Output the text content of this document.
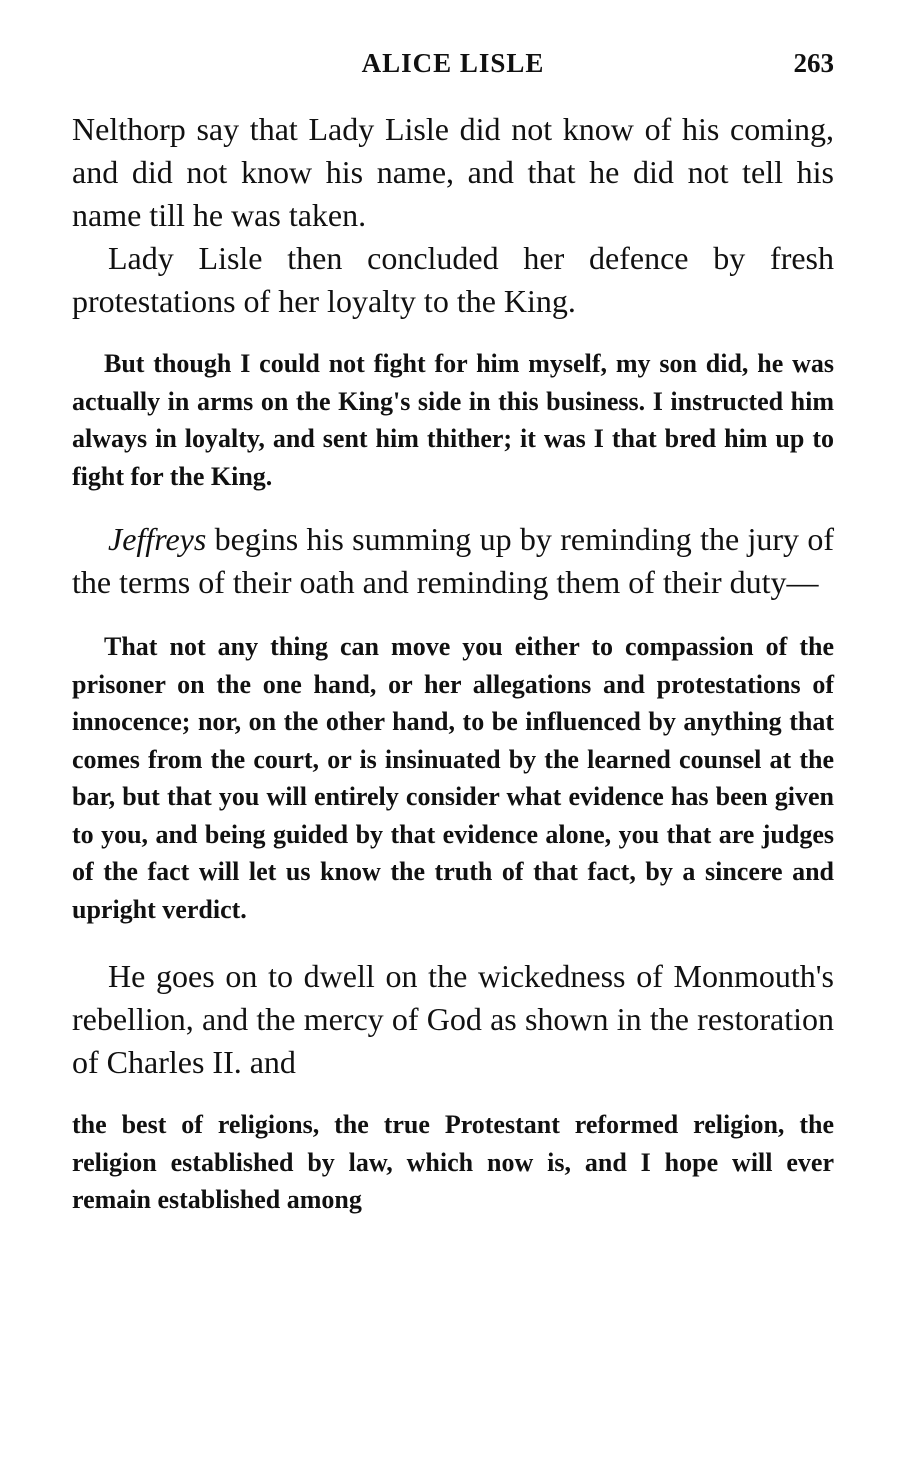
ALICE LISLE	263

Nelthorp say that Lady Lisle did not know of his coming, and did not know his name, and that he did not tell his name till he was taken.

Lady Lisle then concluded her defence by fresh protestations of her loyalty to the King.

But though I could not fight for him myself, my son did, he was actually in arms on the King's side in this business. I instructed him always in loyalty, and sent him thither; it was I that bred him up to fight for the King.

Jeffreys begins his summing up by reminding the jury of the terms of their oath and reminding them of their duty—

That not any thing can move you either to compassion of the prisoner on the one hand, or her allegations and protestations of innocence; nor, on the other hand, to be influenced by anything that comes from the court, or is insinuated by the learned counsel at the bar, but that you will entirely consider what evidence has been given to you, and being guided by that evidence alone, you that are judges of the fact will let us know the truth of that fact, by a sincere and upright verdict.

He goes on to dwell on the wickedness of Monmouth's rebellion, and the mercy of God as shown in the restoration of Charles II. and

the best of religions, the true Protestant reformed religion, the religion established by law, which now is, and I hope will ever remain established among
